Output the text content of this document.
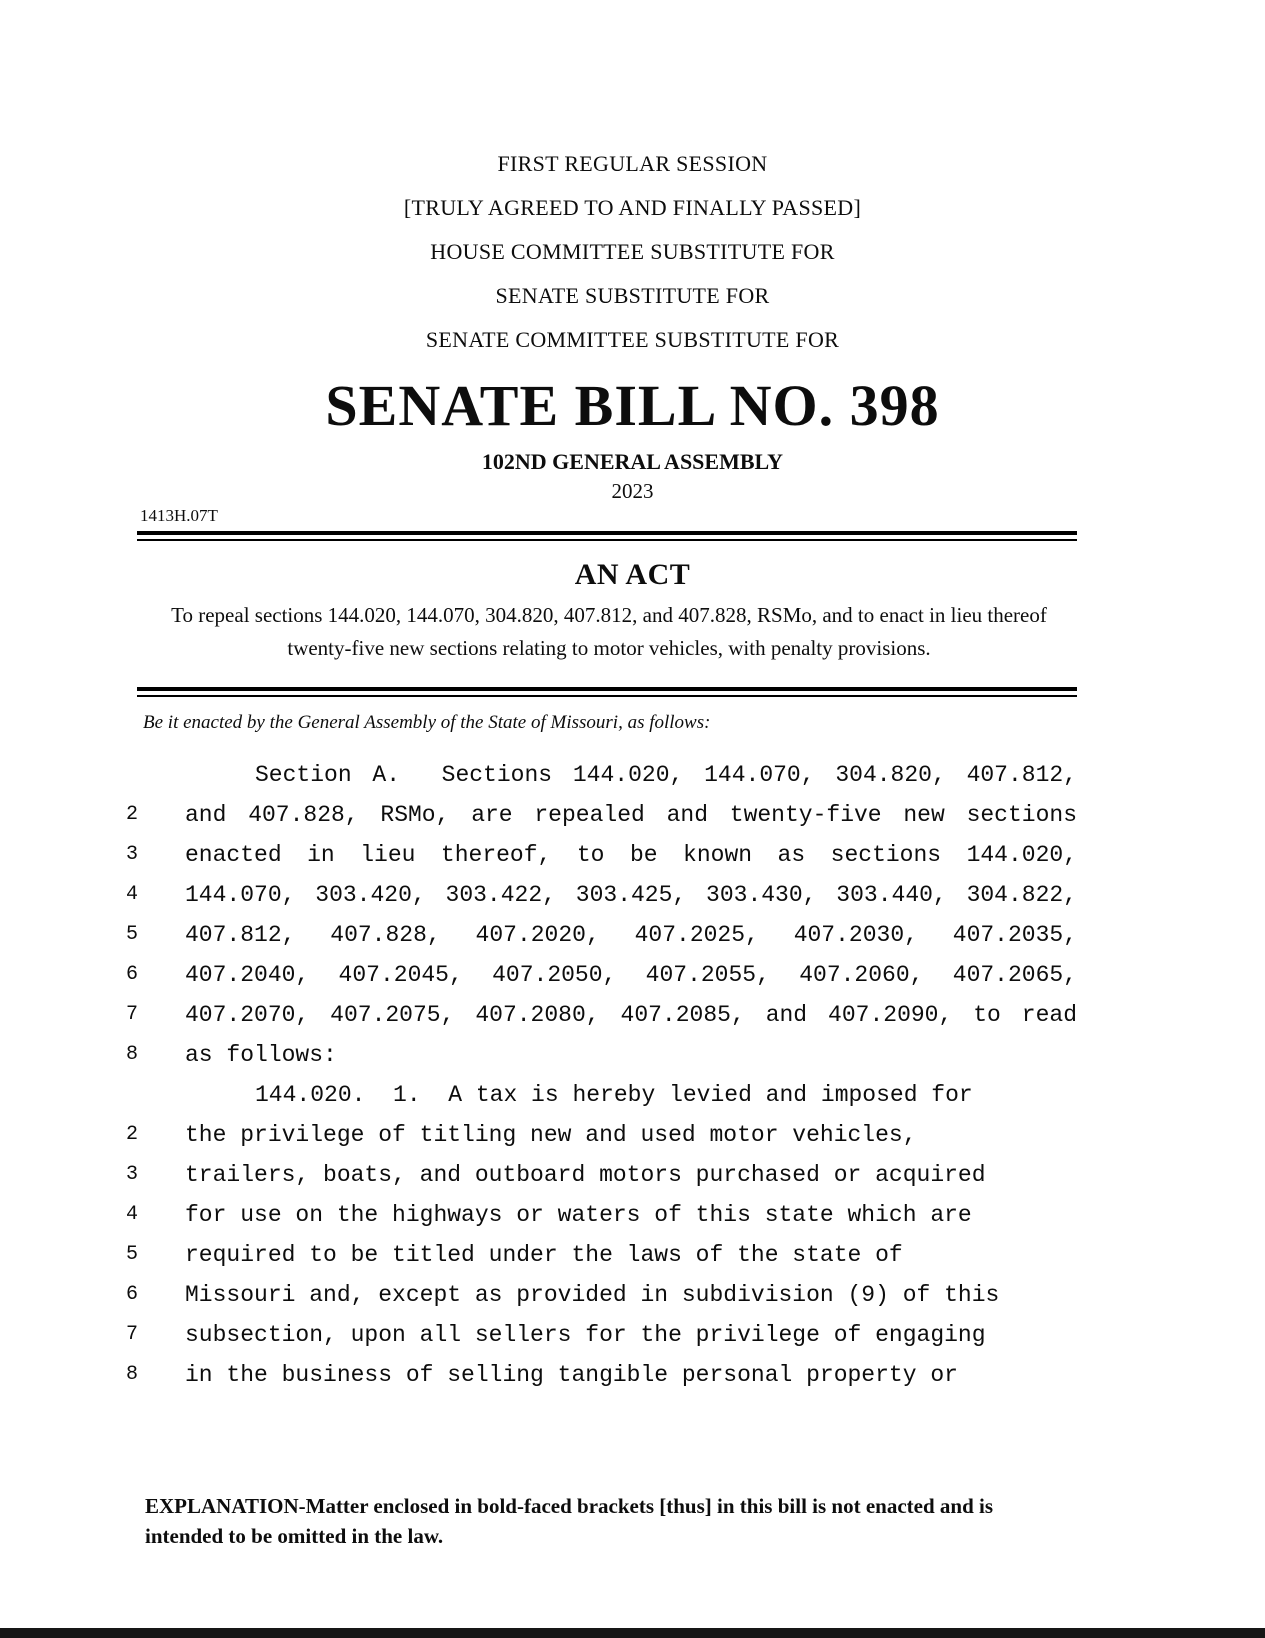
FIRST REGULAR SESSION
[TRULY AGREED TO AND FINALLY PASSED]
HOUSE COMMITTEE SUBSTITUTE FOR
SENATE SUBSTITUTE FOR
SENATE COMMITTEE SUBSTITUTE FOR
SENATE BILL NO. 398
102ND GENERAL ASSEMBLY
2023
1413H.07T
AN ACT
To repeal sections 144.020, 144.070, 304.820, 407.812, and 407.828, RSMo, and to enact in lieu thereof twenty-five new sections relating to motor vehicles, with penalty provisions.
Be it enacted by the General Assembly of the State of Missouri, as follows:
Section A.  Sections 144.020, 144.070, 304.820, 407.812,
2	and 407.828, RSMo, are repealed and twenty-five new sections
3	enacted in lieu thereof, to be known as sections 144.020,
4	144.070, 303.420, 303.422, 303.425, 303.430, 303.440, 304.822,
5	407.812, 407.828, 407.2020, 407.2025, 407.2030, 407.2035,
6	407.2040, 407.2045, 407.2050, 407.2055, 407.2060, 407.2065,
7	407.2070, 407.2075, 407.2080, 407.2085, and 407.2090, to read
8	as follows:
144.020.  1.  A tax is hereby levied and imposed for
2	the privilege of titling new and used motor vehicles,
3	trailers, boats, and outboard motors purchased or acquired
4	for use on the highways or waters of this state which are
5	required to be titled under the laws of the state of
6	Missouri and, except as provided in subdivision (9) of this
7	subsection, upon all sellers for the privilege of engaging
8	in the business of selling tangible personal property or
EXPLANATION-Matter enclosed in bold-faced brackets [thus] in this bill is not enacted and is intended to be omitted in the law.
